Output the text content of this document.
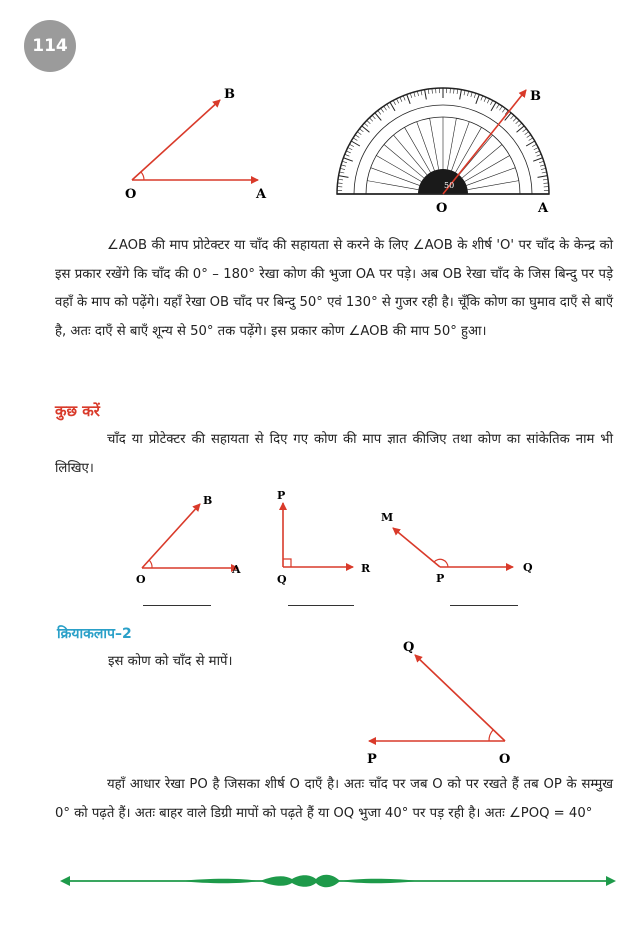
114
B
O	A
50
B
O	A
∠AOB की माप प्रोटेक्टर या चाँद की सहायता से करने के लिए ∠AOB के शीर्ष 'O' पर चाँद के केन्द्र को इस प्रकार रखेंगे कि चाँद की 0° – 180° रेखा कोण की भुजा OA पर पड़े। अब OB रेखा चाँद के जिस बिन्दु पर पड़े वहाँ के माप को पढ़ेंगे। यहाँ रेखा OB चाँद पर बिन्दु 50° एवं 130° से गुजर रही है। चूँकि कोण का घुमाव दाएँ से बाएँ है, अतः दाएँ से बाएँ शून्य से 50° तक पढ़ेंगे। इस प्रकार कोण ∠AOB की माप 50° हुआ।
कुछ करें
चाँद या प्रोटेक्टर की सहायता से दिए गए कोण की माप ज्ञात कीजिए तथा कोण का सांकेतिक नाम भी लिखिए।
B
O
A
P
Q
R
M
P
Q
क्रियाकलाप–2
इस कोण को चाँद से मापें।
Q
P	O
यहाँ आधार रेखा PO है जिसका शीर्ष O दाएँ है। अतः चाँद पर जब O को पर रखते हैं तब OP के सम्मुख 0° को पढ़ते हैं। अतः बाहर वाले डिग्री मापों को पढ़ते हैं या OQ भुजा 40° पर पड़ रही है। अतः ∠POQ = 40°
